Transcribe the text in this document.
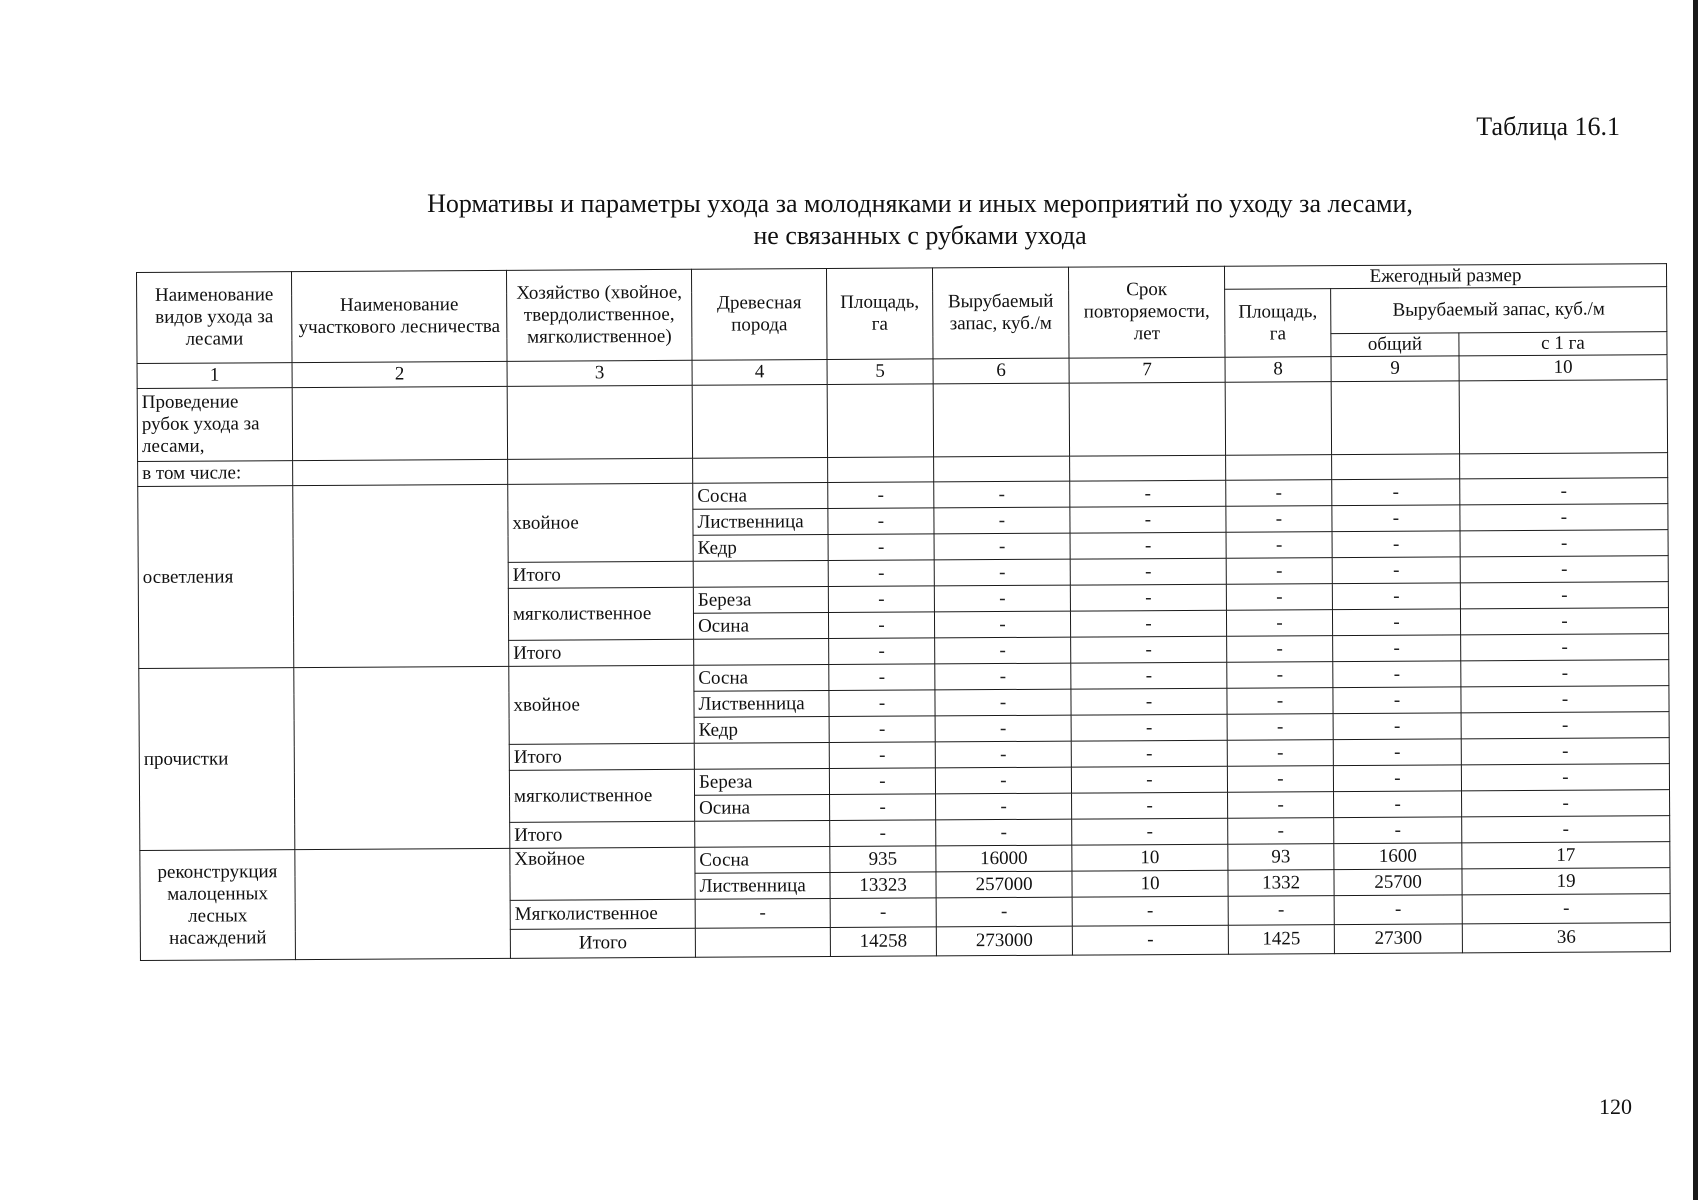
Таблица 16.1
Нормативы и параметры ухода за молодняками и иных мероприятий по уходу за лесами,
не связанных с рубками ухода
Наименование видов ухода за лесами	Наименование участкового лесничества	Хозяйство (хвойное, твердолиственное, мягколиственное)	Древесная порода	Площадь, га	Вырубаемый запас, куб./м	Срок повторяемости, лет	Ежегодный размер		
							Площадь, га	Вырубаемый запас, куб./м	
								общий	с 1 га
1	2	3	4	5	6	7	8	9	10
Проведение рубок ухода за лесами,									
в том числе:									
осветления		хвойное	Сосна	-	-	-	-	-	-
			Лиственница	-	-	-	-	-	-
			Кедр	-	-	-	-	-	-
		Итого		-	-	-	-	-	-
		мягколиственное	Береза	-	-	-	-	-	-
			Осина	-	-	-	-	-	-
		Итого		-	-	-	-	-	-
прочистки		хвойное	Сосна	-	-	-	-	-	-
			Лиственница	-	-	-	-	-	-
			Кедр	-	-	-	-	-	-
		Итого		-	-	-	-	-	-
		мягколиственное	Береза	-	-	-	-	-	-
			Осина	-	-	-	-	-	-
		Итого		-	-	-	-	-	-
реконструкция малоценных лесных насаждений		Хвойное	Сосна	935	16000	10	93	1600	17
			Лиственница	13323	257000	10	1332	25700	19
		Мягколиственное	-	-	-	-	-	-	-
		Итого		14258	273000	-	1425	27300	36
120
